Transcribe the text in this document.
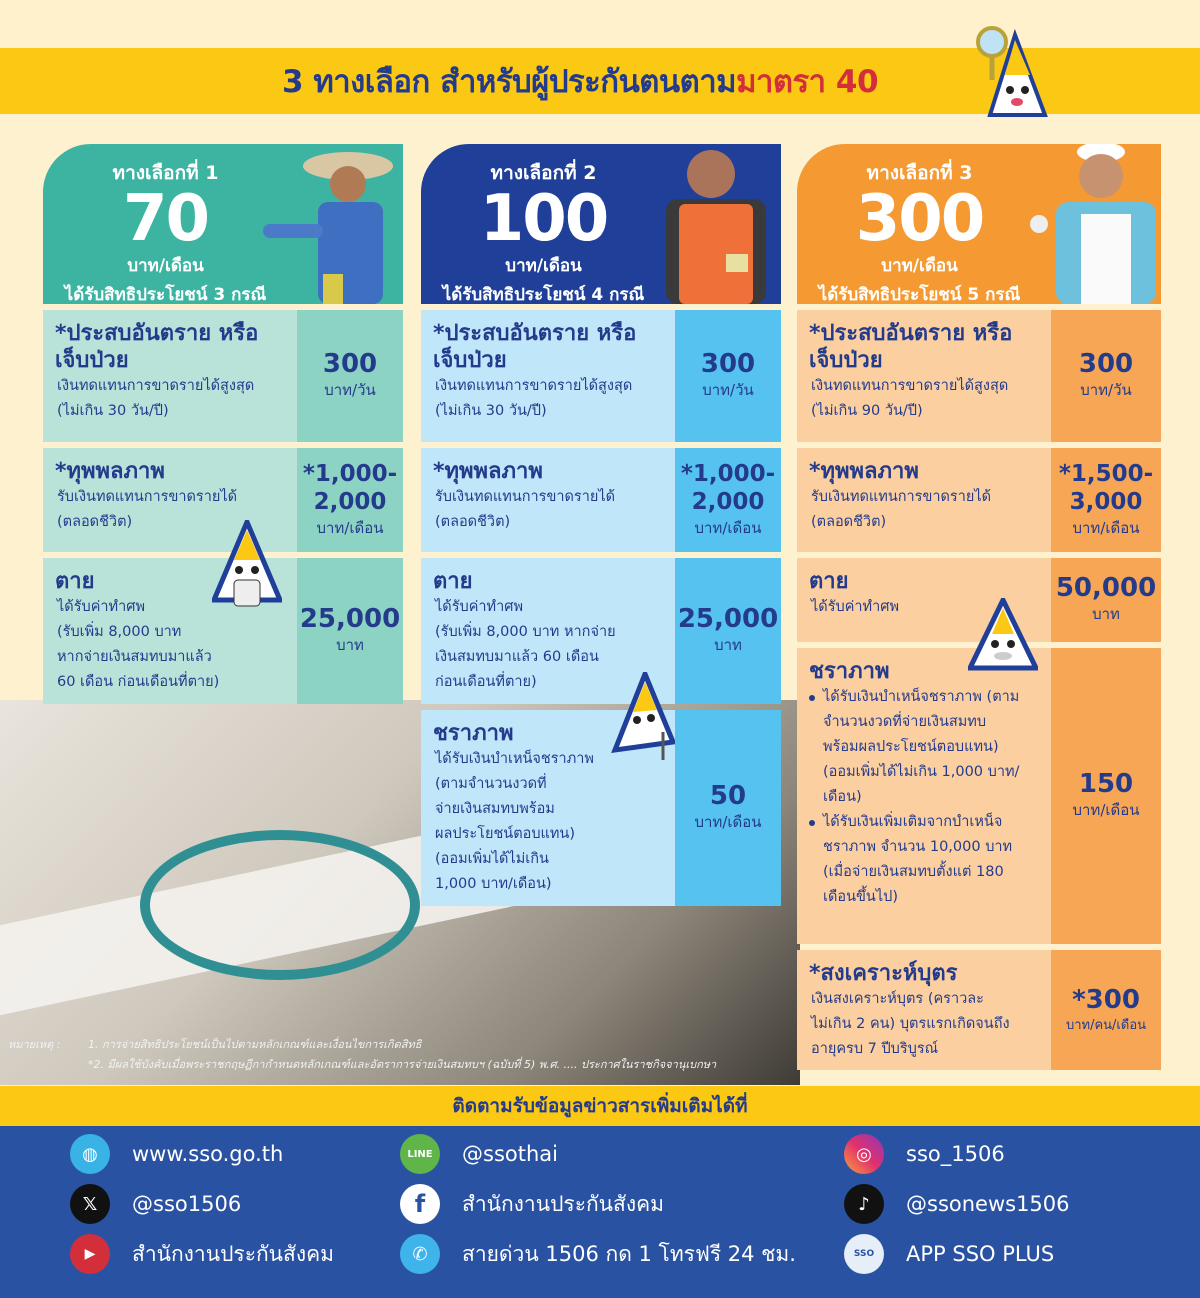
3 ทางเลือก สำหรับผู้ประกันตนตามมาตรา 40
ทางเลือกที่ 1
70
บาท/เดือน
ได้รับสิทธิประโยชน์ 3 กรณี
*ประสบอันตราย หรือเจ็บป่วย
เงินทดแทนการขาดรายได้สูงสุด
(ไม่เกิน 30 วัน/ปี)
300
บาท/วัน
*ทุพพลภาพ
รับเงินทดแทนการขาดรายได้
(ตลอดชีวิต)
*1,000-2,000
บาท/เดือน
ตาย
ได้รับค่าทำศพ
(รับเพิ่ม 8,000 บาท
หากจ่ายเงินสมทบมาแล้ว
60 เดือน ก่อนเดือนที่ตาย)
25,000
บาท
ทางเลือกที่ 2
100
บาท/เดือน
ได้รับสิทธิประโยชน์ 4 กรณี
*ประสบอันตราย หรือเจ็บป่วย
เงินทดแทนการขาดรายได้สูงสุด
(ไม่เกิน 30 วัน/ปี)
300
บาท/วัน
*ทุพพลภาพ
รับเงินทดแทนการขาดรายได้
(ตลอดชีวิต)
*1,000-2,000
บาท/เดือน
ตาย
ได้รับค่าทำศพ
(รับเพิ่ม 8,000 บาท หากจ่าย
เงินสมทบมาแล้ว 60 เดือน
ก่อนเดือนที่ตาย)
25,000
บาท
ชราภาพ
ได้รับเงินบำเหน็จชราภาพ
(ตามจำนวนงวดที่
จ่ายเงินสมทบพร้อม
ผลประโยชน์ตอบแทน)
(ออมเพิ่มได้ไม่เกิน
1,000 บาท/เดือน)
50
บาท/เดือน
ทางเลือกที่ 3
300
บาท/เดือน
ได้รับสิทธิประโยชน์ 5 กรณี
*ประสบอันตราย หรือเจ็บป่วย
เงินทดแทนการขาดรายได้สูงสุด
(ไม่เกิน 90 วัน/ปี)
300
บาท/วัน
*ทุพพลภาพ
รับเงินทดแทนการขาดรายได้
(ตลอดชีวิต)
*1,500-3,000
บาท/เดือน
ตาย
ได้รับค่าทำศพ
50,000
บาท
ชราภาพ
ได้รับเงินบำเหน็จชราภาพ (ตามจำนวนงวดที่จ่ายเงินสมทบพร้อมผลประโยชน์ตอบแทน) (ออมเพิ่มได้ไม่เกิน 1,000 บาท/เดือน)
ได้รับเงินเพิ่มเติมจากบำเหน็จชราภาพ จำนวน 10,000 บาท (เมื่อจ่ายเงินสมทบตั้งแต่ 180 เดือนขึ้นไป)
150
บาท/เดือน
*สงเคราะห์บุตร
เงินสงเคราะห์บุตร (คราวละ
ไม่เกิน 2 คน) บุตรแรกเกิดจนถึง
อายุครบ 7 ปีบริบูรณ์
*300
บาท/คน/เดือน
หมายเหตุ :	1. การจ่ายสิทธิประโยชน์เป็นไปตามหลักเกณฑ์และเงื่อนไขการเกิดสิทธิ
*2. มีผลใช้บังคับเมื่อพระราชกฤษฎีกากำหนดหลักเกณฑ์และอัตราการจ่ายเงินสมทบฯ (ฉบับที่ 5) พ.ศ. .... ประกาศในราชกิจจานุเบกษา
ติดตามรับข้อมูลข่าวสารเพิ่มเติมได้ที่
◍	www.sso.go.th	LINE	@ssothai	◎	sso_1506
𝕏	@sso1506	f	สำนักงานประกันสังคม	♪	@ssonews1506
▶	สำนักงานประกันสังคม	✆	สายด่วน 1506 กด 1 โทรฟรี 24 ชม.	SSO	APP SSO PLUS
